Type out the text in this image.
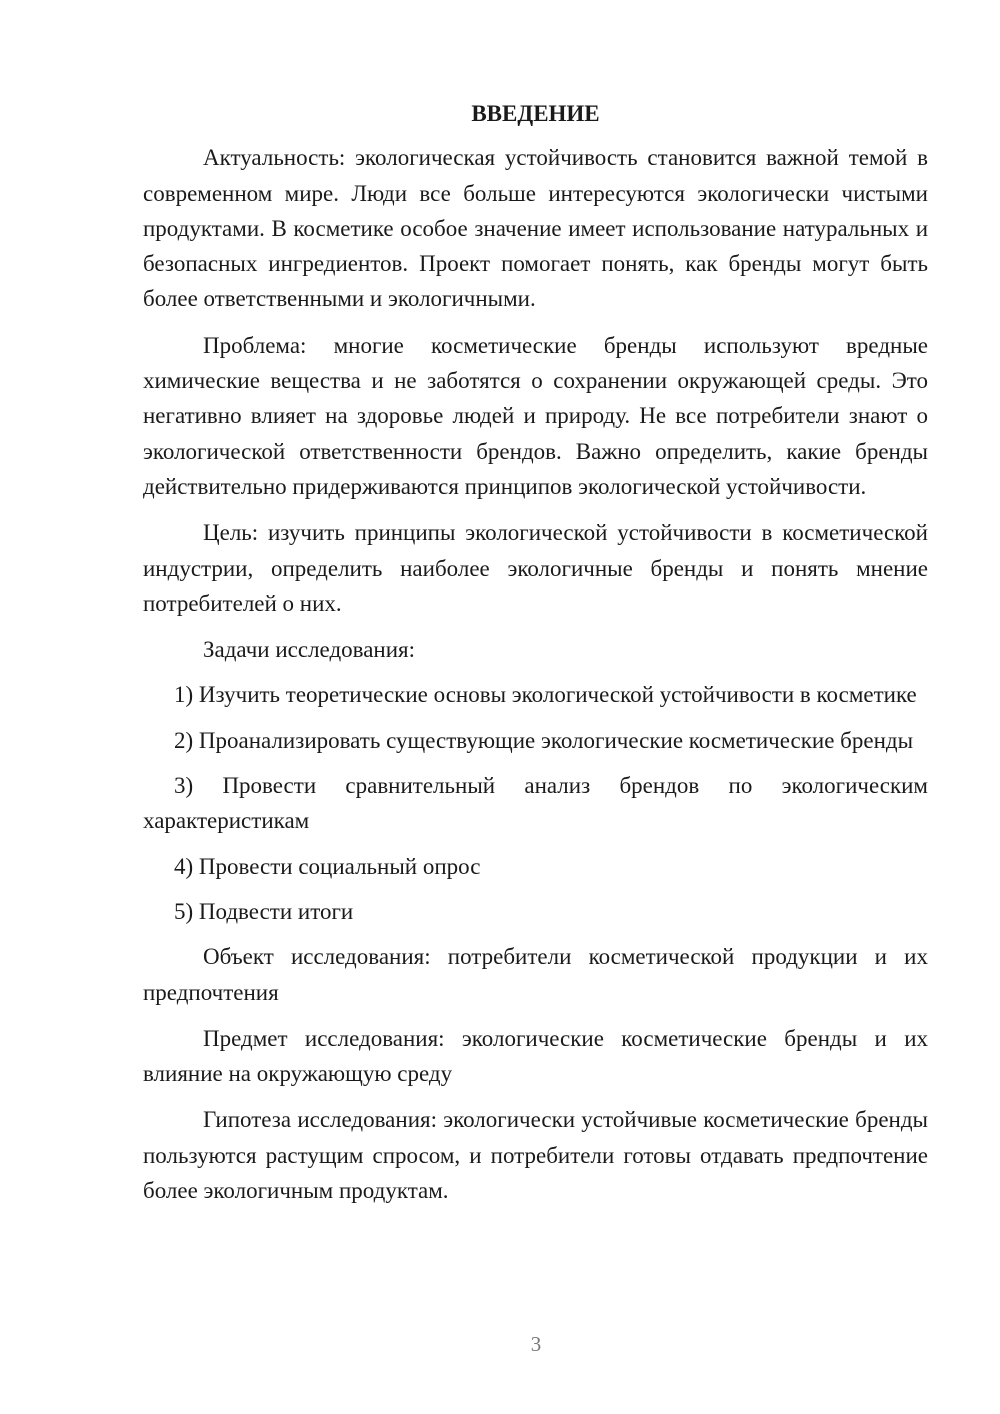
ВВЕДЕНИЕ

Актуальность: экологическая устойчивость становится важной темой в современном мире. Люди все больше интересуются экологически чистыми продуктами. В косметике особое значение имеет использование натуральных и безопасных ингредиентов. Проект помогает понять, как бренды могут быть более ответственными и экологичными.

Проблема: многие косметические бренды используют вредные химические вещества и не заботятся о сохранении окружающей среды. Это негативно влияет на здоровье людей и природу. Не все потребители знают о экологической ответственности брендов. Важно определить, какие бренды действительно придерживаются принципов экологической устойчивости.

Цель: изучить принципы экологической устойчивости в косметической индустрии, определить наиболее экологичные бренды и понять мнение потребителей о них.

Задачи исследования:

1) Изучить теоретические основы экологической устойчивости в косметике

2) Проанализировать существующие экологические косметические бренды

3) Провести сравнительный анализ брендов по экологическим характеристикам

4) Провести социальный опрос

5) Подвести итоги

Объект исследования: потребители косметической продукции и их предпочтения

Предмет исследования: экологические косметические бренды и их влияние на окружающую среду

Гипотеза исследования: экологически устойчивые косметические бренды пользуются растущим спросом, и потребители готовы отдавать предпочтение более экологичным продуктам.

3
